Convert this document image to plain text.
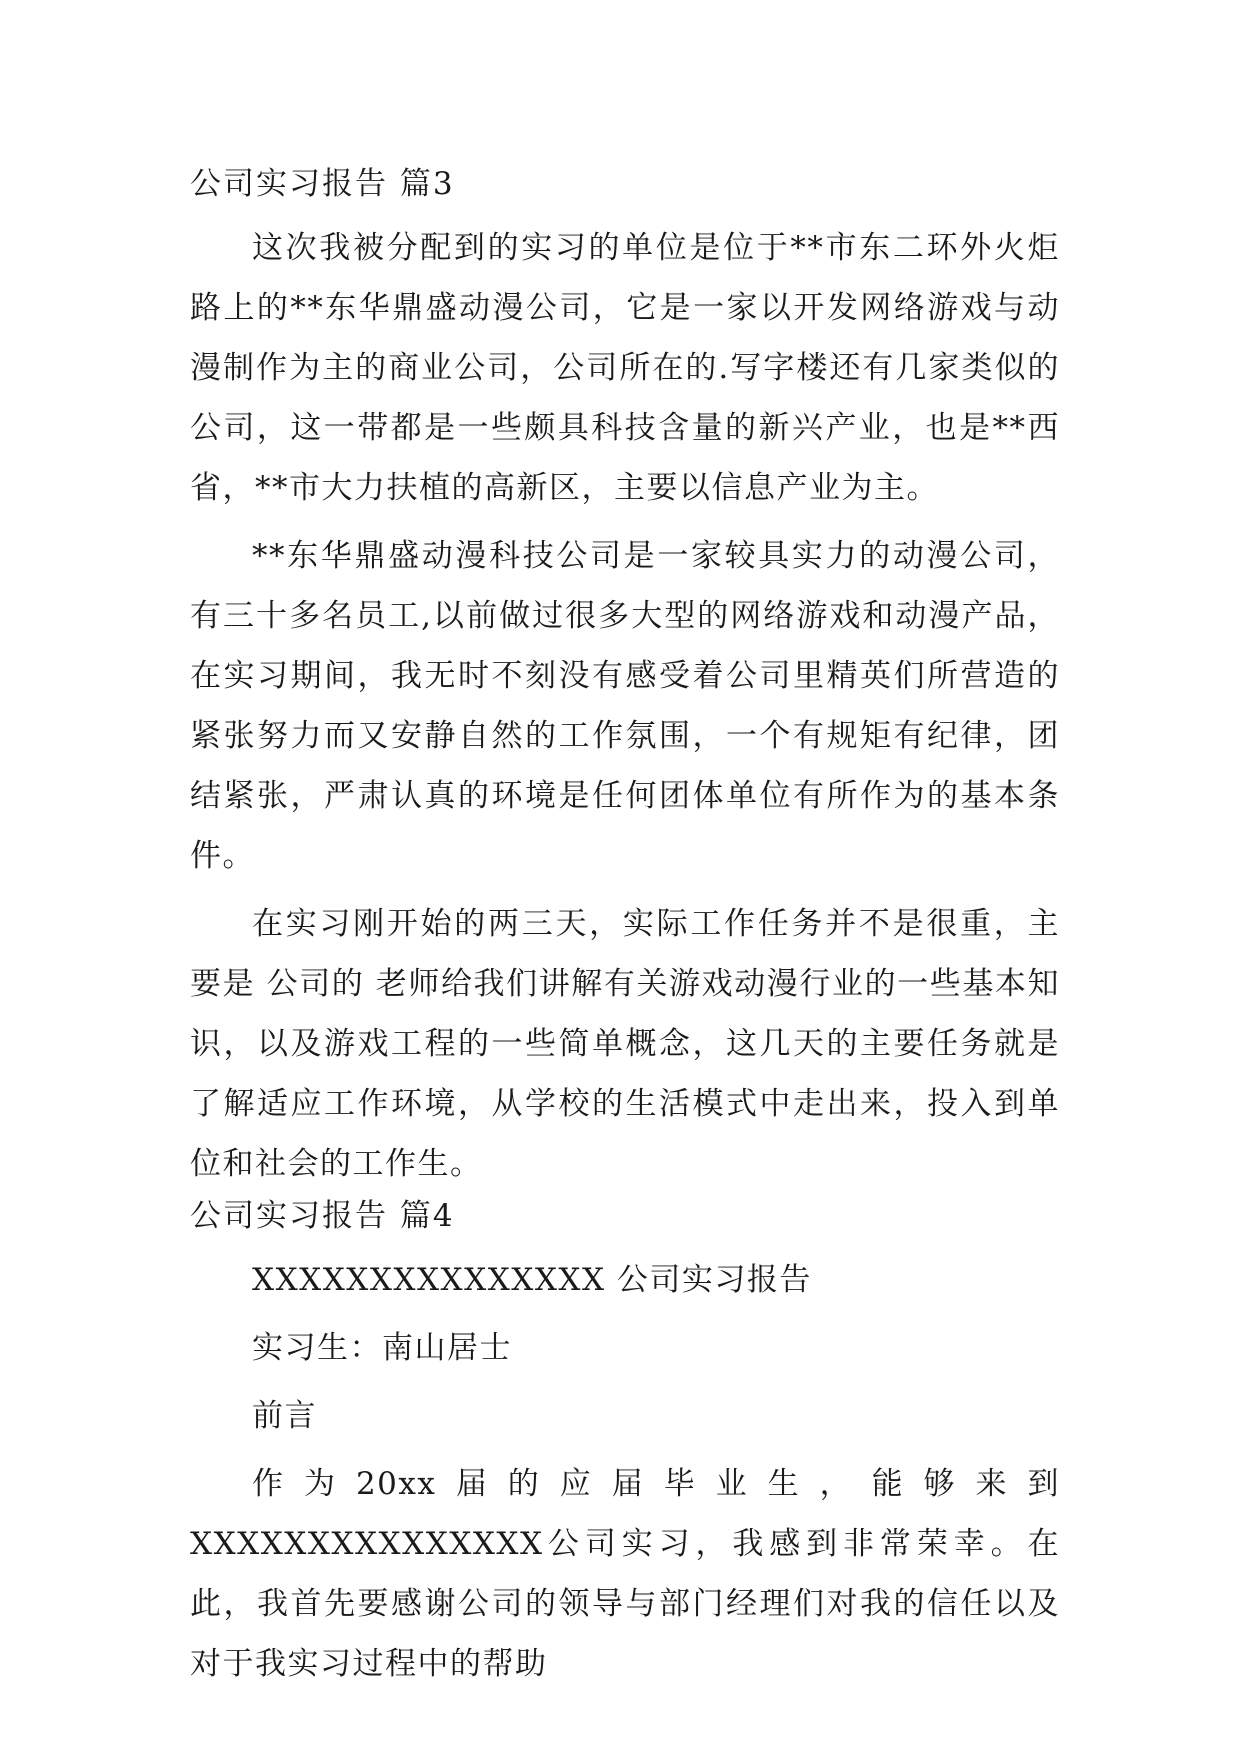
公司实习报告 篇3

这次我被分配到的实习的单位是位于**市东二环外火炬路上的**东华鼎盛动漫公司，它是一家以开发网络游戏与动漫制作为主的商业公司，公司所在的.写字楼还有几家类似的公司，这一带都是一些颇具科技含量的新兴产业，也是**西省，**市大力扶植的高新区，主要以信息产业为主。

**东华鼎盛动漫科技公司是一家较具实力的动漫公司，有三十多名员工,以前做过很多大型的网络游戏和动漫产品，在实习期间，我无时不刻没有感受着公司里精英们所营造的紧张努力而又安静自然的工作氛围，一个有规矩有纪律，团结紧张，严肃认真的环境是任何团体单位有所作为的基本条件。

在实习刚开始的两三天，实际工作任务并不是很重，主要是 公司的 老师给我们讲解有关游戏动漫行业的一些基本知识，以及游戏工程的一些简单概念，这几天的主要任务就是了解适应工作环境，从学校的生活模式中走出来，投入到单位和社会的工作生。

公司实习报告 篇4

XXXXXXXXXXXXXXX 公司实习报告

实习生：南山居士

前言

作为20xx届的应届毕业生，能够来到XXXXXXXXXXXXXXX公司实习，我感到非常荣幸。在此，我首先要感谢公司的领导与部门经理们对我的信任以及对于我实习过程中的帮助
